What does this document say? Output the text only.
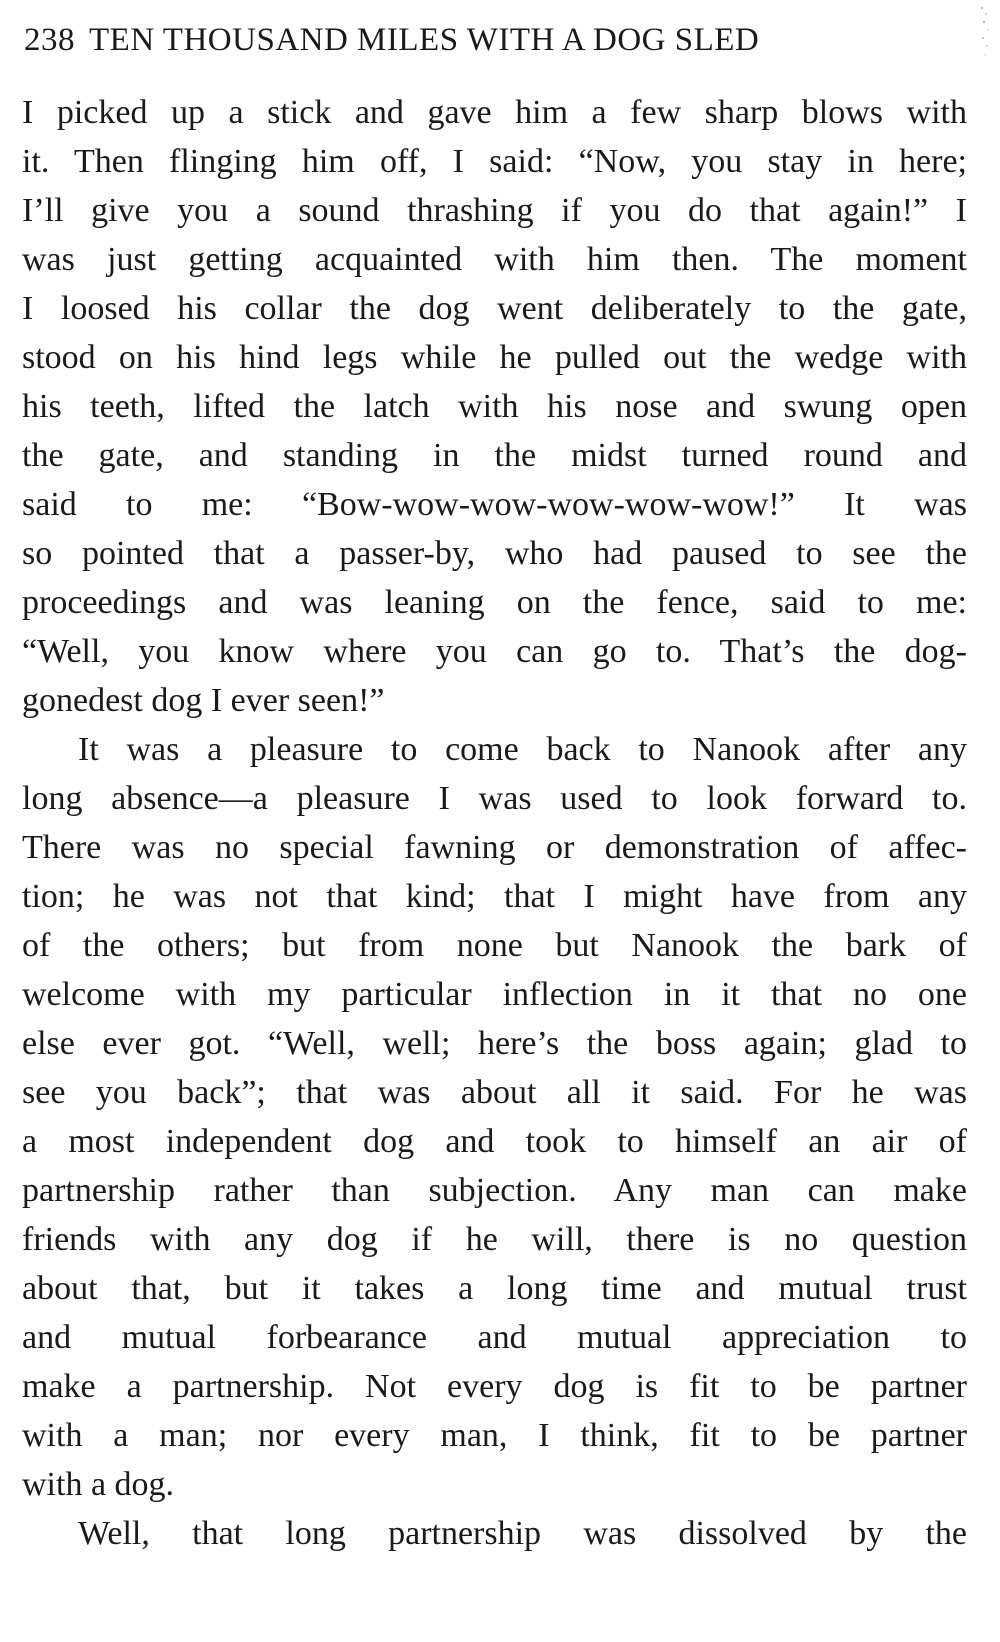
238 TEN THOUSAND MILES WITH A DOG SLED
I picked up a stick and gave him a few sharp blows with
it. Then flinging him off, I said: “Now, you stay in here;
I’ll give you a sound thrashing if you do that again!” I
was just getting acquainted with him then. The moment
I loosed his collar the dog went deliberately to the gate,
stood on his hind legs while he pulled out the wedge with
his teeth, lifted the latch with his nose and swung open
the gate, and standing in the midst turned round and
said to me: “Bow-wow-wow-wow-wow-wow!” It was
so pointed that a passer-by, who had paused to see the
proceedings and was leaning on the fence, said to me:
“Well, you know where you can go to. That’s the dog-
gonedest dog I ever seen!”
It was a pleasure to come back to Nanook after any
long absence—a pleasure I was used to look forward to.
There was no special fawning or demonstration of affec-
tion; he was not that kind; that I might have from any
of the others; but from none but Nanook the bark of
welcome with my particular inflection in it that no one
else ever got. “Well, well; here’s the boss again; glad to
see you back”; that was about all it said. For he was
a most independent dog and took to himself an air of
partnership rather than subjection. Any man can make
friends with any dog if he will, there is no question
about that, but it takes a long time and mutual trust
and mutual forbearance and mutual appreciation to
make a partnership. Not every dog is fit to be partner
with a man; nor every man, I think, fit to be partner
with a dog.
Well, that long partnership was dissolved by the
